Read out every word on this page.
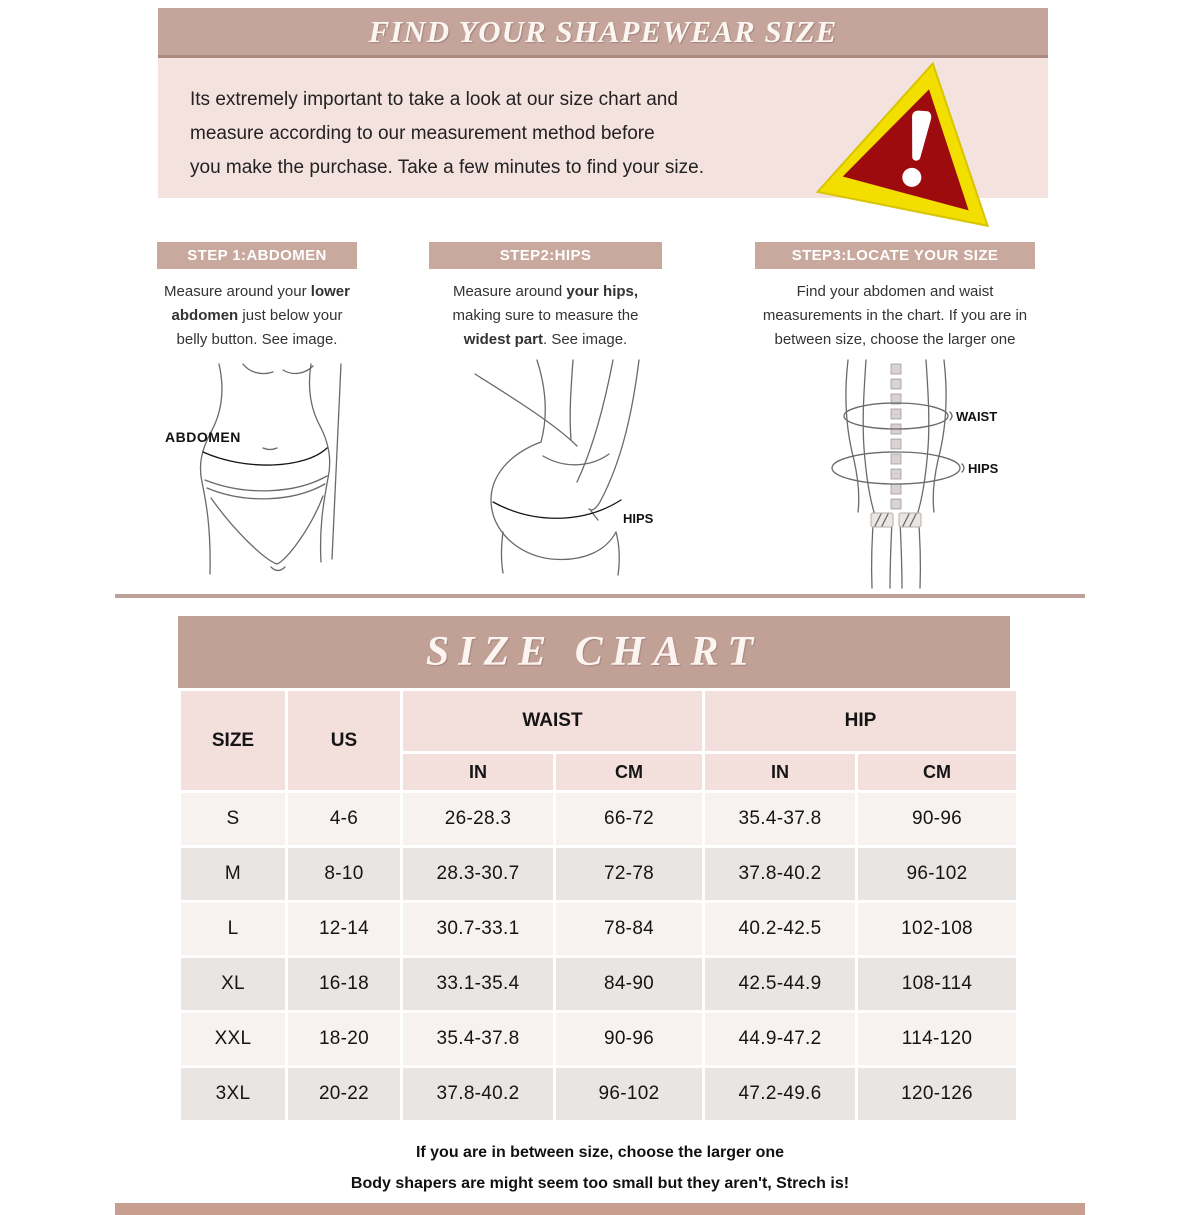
FIND YOUR SHAPEWEAR SIZE
Its extremely important to take a look at our size chart and
measure according to our measurement method before
you make the purchase. Take a few minutes to find your size.
STEP 1:ABDOMEN
Measure around your lower abdomen just below your belly button. See image.
STEP2:HIPS
Measure around your hips, making sure to measure the widest part. See image.
STEP3:LOCATE YOUR SIZE
Find your abdomen and waist measurements in the chart. If you are in between size, choose the larger one
ABDOMEN
HIPS
WAIST
HIPS
SIZE CHART
SIZE	US	WAIST		HIP	
		IN	CM	IN	CM
S	4-6	26-28.3	66-72	35.4-37.8	90-96
M	8-10	28.3-30.7	72-78	37.8-40.2	96-102
L	12-14	30.7-33.1	78-84	40.2-42.5	102-108
XL	16-18	33.1-35.4	84-90	42.5-44.9	108-114
XXL	18-20	35.4-37.8	90-96	44.9-47.2	114-120
3XL	20-22	37.8-40.2	96-102	47.2-49.6	120-126
If you are in between size, choose the larger one
Body shapers are might seem too small but they aren't, Strech is!
